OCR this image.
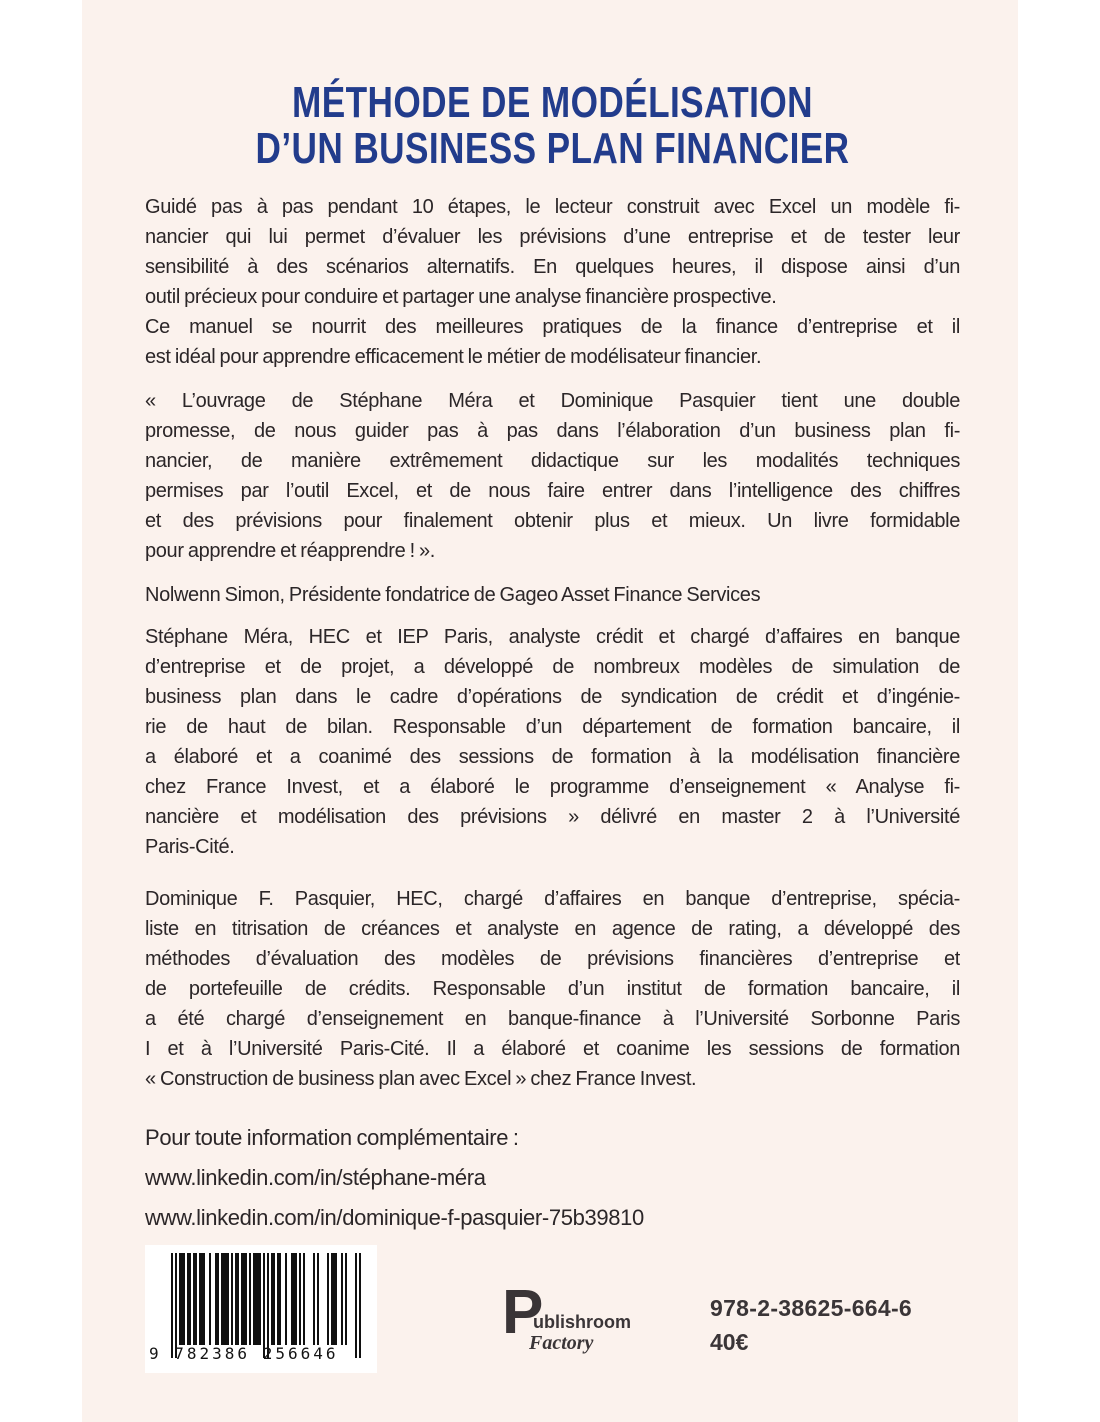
MÉTHODE DE MODÉLISATION
D’UN BUSINESS PLAN FINANCIER
Guidé pas à pas pendant 10 étapes, le lecteur construit avec Excel un modèle fi-
nancier qui lui permet d’évaluer les prévisions d’une entreprise et de tester leur
sensibilité à des scénarios alternatifs. En quelques heures, il dispose ainsi d’un
outil précieux pour conduire et partager une analyse financière prospective.
Ce manuel se nourrit des meilleures pratiques de la finance d’entreprise et il
est idéal pour apprendre efficacement le métier de modélisateur financier.
« L’ouvrage de Stéphane Méra et Dominique Pasquier tient une double
promesse, de nous guider pas à pas dans l’élaboration d’un business plan fi-
nancier, de manière extrêmement didactique sur les modalités techniques
permises par l’outil Excel, et de nous faire entrer dans l’intelligence des chiffres
et des prévisions pour finalement obtenir plus et mieux. Un livre formidable
pour apprendre et réapprendre ! ».
Nolwenn Simon, Présidente fondatrice de Gageo Asset Finance Services
Stéphane Méra, HEC et IEP Paris, analyste crédit et chargé d’affaires en banque
d’entreprise et de projet, a développé de nombreux modèles de simulation de
business plan dans le cadre d’opérations de syndication de crédit et d’ingénie-
rie de haut de bilan. Responsable d’un département de formation bancaire, il
a élaboré et a coanimé des sessions de formation à la modélisation financière
chez France Invest, et a élaboré le programme d’enseignement « Analyse fi-
nancière et modélisation des prévisions » délivré en master 2 à l’Université
Paris-Cité.
Dominique F. Pasquier, HEC, chargé d’affaires en banque d’entreprise, spécia-
liste en titrisation de créances et analyste en agence de rating, a développé des
méthodes d’évaluation des modèles de prévisions financières d’entreprise et
de portefeuille de crédits. Responsable d’un institut de formation bancaire, il
a été chargé d’enseignement en banque-finance à l’Université Sorbonne Paris
I et à l’Université Paris-Cité. Il a élaboré et coanime les sessions de formation
« Construction de business plan avec Excel » chez France Invest.
Pour toute information complémentaire :
www.linkedin.com/in/stéphane-méra
www.linkedin.com/in/dominique-f-pasquier-75b39810
9 782386 256646
P
ublishroom
Factory
978-2-38625-664-6
40€
